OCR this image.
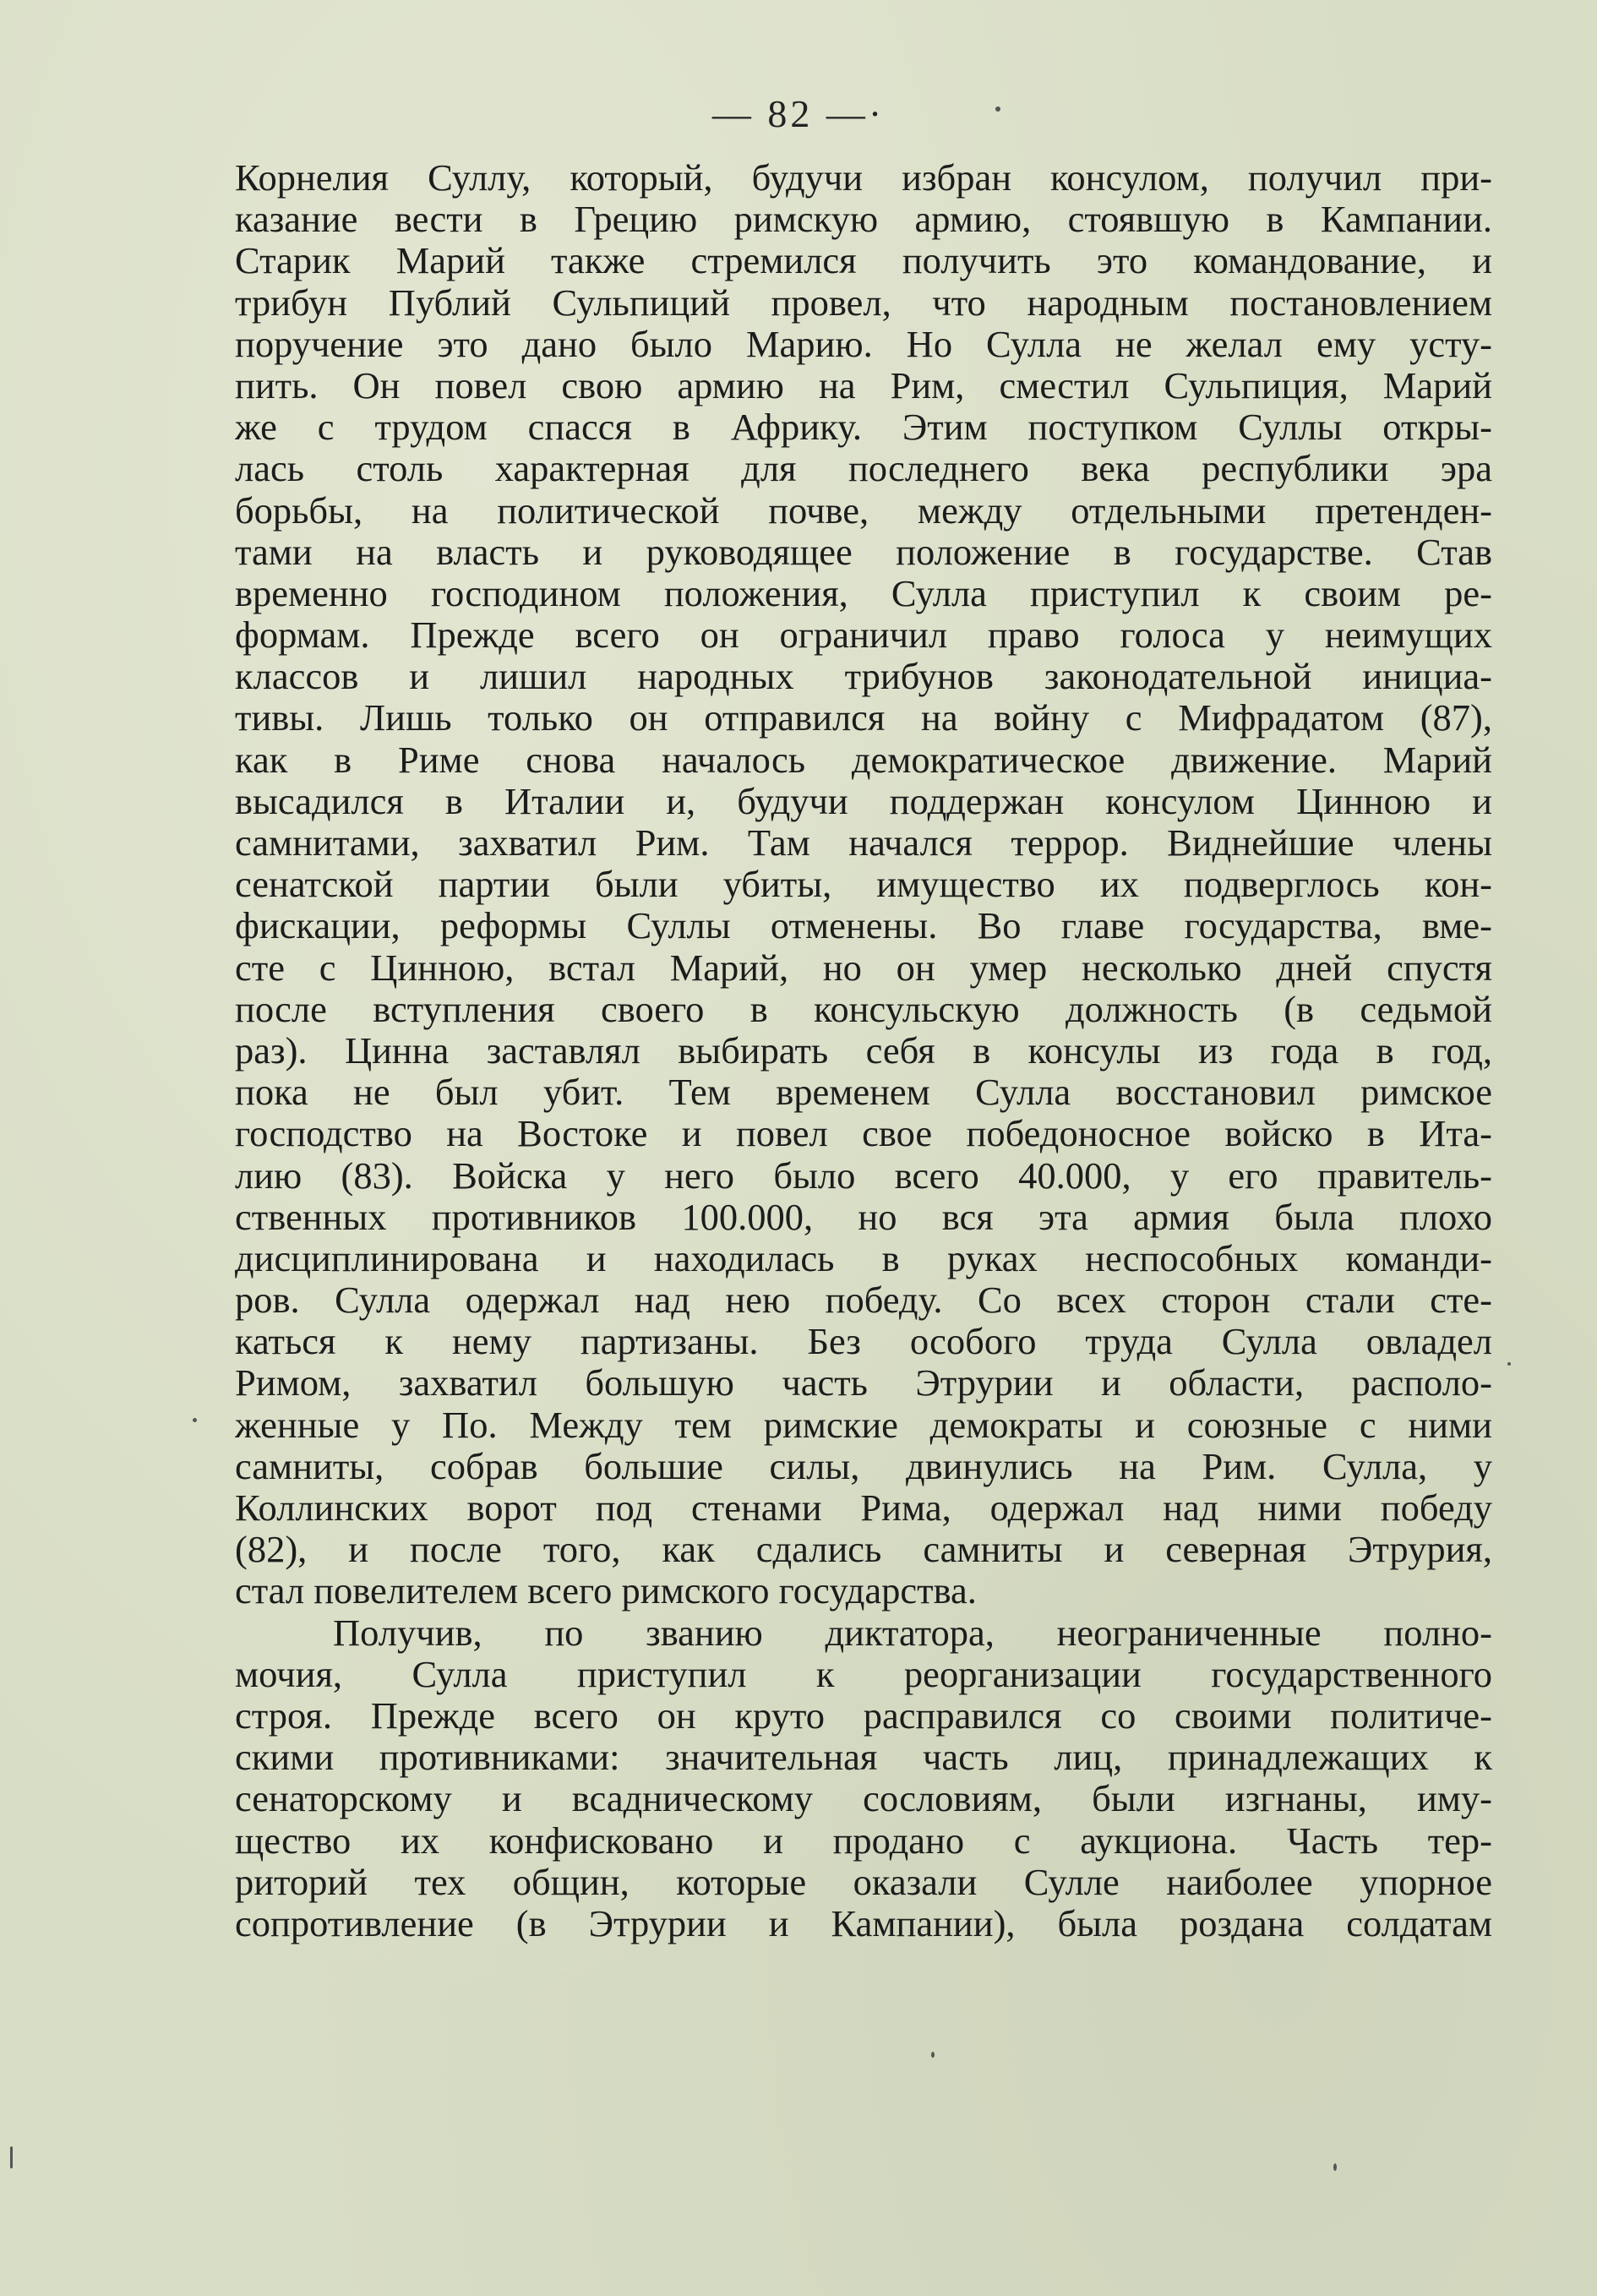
— 82 —·
Корнелия Суллу, который, будучи избран консулом, получил при-
казание вести в Грецию римскую армию, стоявшую в Кампании.
Старик Марий также стремился получить это командование, и
трибун Публий Сульпиций провел, что народным постановлением
поручение это дано было Марию. Но Сулла не желал ему усту-
пить. Он повел свою армию на Рим, сместил Сульпиция, Марий
же с трудом спасся в Африку. Этим поступком Суллы откры-
лась столь характерная для последнего века республики эра
борьбы, на политической почве, между отдельными претенден-
тами на власть и руководящее положение в государстве. Став
временно господином положения, Сулла приступил к своим ре-
формам. Прежде всего он ограничил право голоса у неимущих
классов и лишил народных трибунов законодательной инициа-
тивы. Лишь только он отправился на войну с Мифрадатом (87),
как в Риме снова началось демократическое движение. Марий
высадился в Италии и, будучи поддержан консулом Цинною и
самнитами, захватил Рим. Там начался террор. Виднейшие члены
сенатской партии были убиты, имущество их подверглось кон-
фискации, реформы Суллы отменены. Во главе государства, вме-
сте с Цинною, встал Марий, но он умер несколько дней спустя
после вступления своего в консульскую должность (в седьмой
раз). Цинна заставлял выбирать себя в консулы из года в год,
пока не был убит. Тем временем Сулла восстановил римское
господство на Востоке и повел свое победоносное войско в Ита-
лию (83). Войска у него было всего 40.000, у его правитель-
ственных противников 100.000, но вся эта армия была плохо
дисциплинирована и находилась в руках неспособных команди-
ров. Сулла одержал над нею победу. Со всех сторон стали сте-
каться к нему партизаны. Без особого труда Сулла овладел
Римом, захватил большую часть Этрурии и области, располо-
женные у По. Между тем римские демократы и союзные с ними
самниты, собрав большие силы, двинулись на Рим. Сулла, у
Коллинских ворот под стенами Рима, одержал над ними победу
(82), и после того, как сдались самниты и северная Этрурия,
стал повелителем всего римского государства.
Получив, по званию диктатора, неограниченные полно-
мочия, Сулла приступил к реорганизации государственного
строя. Прежде всего он круто расправился со своими политиче-
скими противниками: значительная часть лиц, принадлежащих к
сенаторскому и всадническому сословиям, были изгнаны, иму-
щество их конфисковано и продано с аукциона. Часть тер-
риторий тех общин, которые оказали Сулле наиболее упорное
сопротивление (в Этрурии и Кампании), была роздана солдатам
